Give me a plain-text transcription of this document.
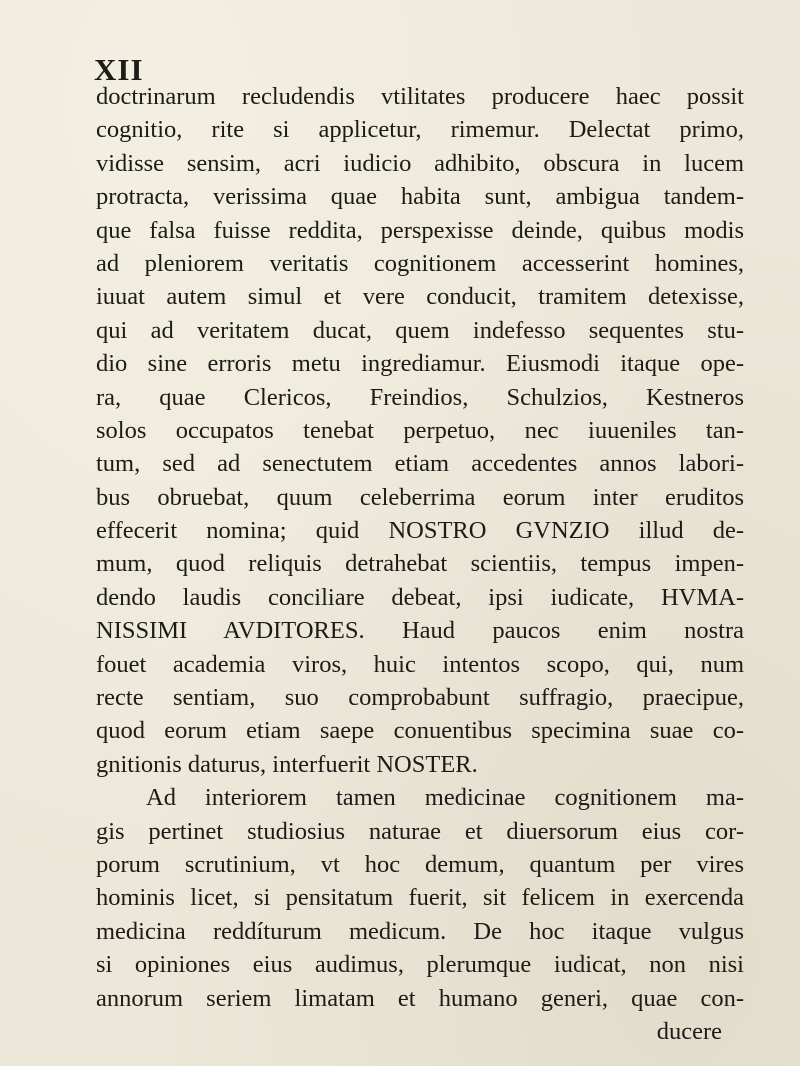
XII
doctrinarum recludendis vtilitates producere haec possit
cognitio, rite si applicetur, rimemur. Delectat primo,
vidisse sensim, acri iudicio adhibito, obscura in lucem
protracta, verissima quae habita sunt, ambigua tandem-
que falsa fuisse reddita, perspexisse deinde, quibus modis
ad pleniorem veritatis cognitionem accesserint homines,
iuuat autem simul et vere conducit, tramitem detexisse,
qui ad veritatem ducat, quem indefesso sequentes stu-
dio sine erroris metu ingrediamur. Eiusmodi itaque ope-
ra, quae Clericos, Freindios, Schulzios, Kestneros
solos occupatos tenebat perpetuo, nec iuueniles tan-
tum, sed ad senectutem etiam accedentes annos labori-
bus obruebat, quum celeberrima eorum inter eruditos
effecerit nomina; quid NOSTRO GVNZIO illud de-
mum, quod reliquis detrahebat scientiis, tempus impen-
dendo laudis conciliare debeat, ipsi iudicate, HVMA-
NISSIMI AVDITORES. Haud paucos enim nostra
fouet academia viros, huic intentos scopo, qui, num
recte sentiam, suo comprobabunt suffragio, praecipue,
quod eorum etiam saepe conuentibus specimina suae co-
gnitionis daturus, interfuerit NOSTER.
Ad interiorem tamen medicinae cognitionem ma-
gis pertinet studiosius naturae et diuersorum eius cor-
porum scrutinium, vt hoc demum, quantum per vires
hominis licet, si pensitatum fuerit, sit felicem in exercenda
medicina reddíturum medicum. De hoc itaque vulgus
si opiniones eius audimus, plerumque iudicat, non nisi
annorum seriem limatam et humano generi, quae con-
ducere
